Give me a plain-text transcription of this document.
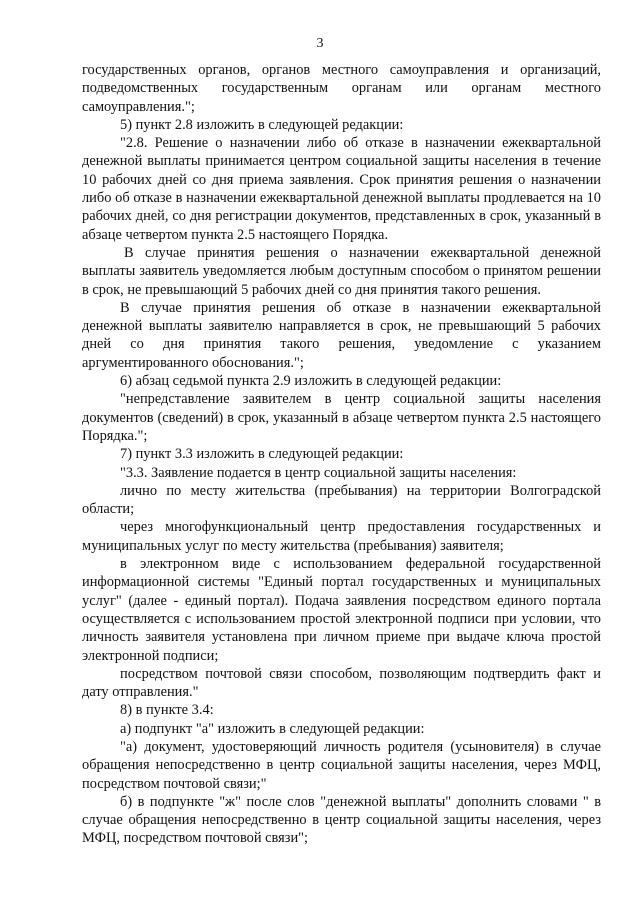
3

государственных органов, органов местного самоуправления и организаций, подведомственных государственным органам или органам местного самоуправления.";

5) пункт 2.8 изложить в следующей редакции:

"2.8. Решение о назначении либо об отказе в назначении ежеквартальной денежной выплаты принимается центром социальной защиты населения в течение 10 рабочих дней со дня приема заявления. Срок принятия решения о назначении либо об отказе в назначении ежеквартальной денежной выплаты продлевается на 10 рабочих дней, со дня регистрации документов, представленных в срок, указанный в абзаце четвертом пункта 2.5 настоящего Порядка.

В случае принятия решения о назначении ежеквартальной денежной выплаты заявитель уведомляется любым доступным способом о принятом решении в срок, не превышающий 5 рабочих дней со дня принятия такого решения.

В случае принятия решения об отказе в назначении ежеквартальной денежной выплаты заявителю направляется в срок, не превышающий 5 рабочих дней со дня принятия такого решения, уведомление с указанием аргументированного обоснования.";

6) абзац седьмой пункта 2.9 изложить в следующей редакции:

"непредставление заявителем в центр социальной защиты населения документов (сведений) в срок, указанный в абзаце четвертом пункта 2.5 настоящего Порядка.";

7) пункт 3.3 изложить в следующей редакции:

"3.3. Заявление подается в центр социальной защиты населения:

лично по месту жительства (пребывания) на территории Волгоградской области;

через многофункциональный центр предоставления государственных и муниципальных услуг по месту жительства (пребывания) заявителя;

в электронном виде с использованием федеральной государственной информационной системы "Единый портал государственных и муниципальных услуг" (далее - единый портал). Подача заявления посредством единого портала осуществляется с использованием простой электронной подписи при условии, что личность заявителя установлена при личном приеме при выдаче ключа простой электронной подписи;

посредством почтовой связи способом, позволяющим подтвердить факт и дату отправления."

8) в пункте 3.4:

а) подпункт "а" изложить в следующей редакции:

"а) документ, удостоверяющий личность родителя (усыновителя) в случае обращения непосредственно в центр социальной защиты населения, через МФЦ, посредством почтовой связи;"

б) в подпункте "ж" после слов "денежной выплаты" дополнить словами " в случае обращения непосредственно в центр социальной защиты населения, через МФЦ, посредством почтовой связи";
